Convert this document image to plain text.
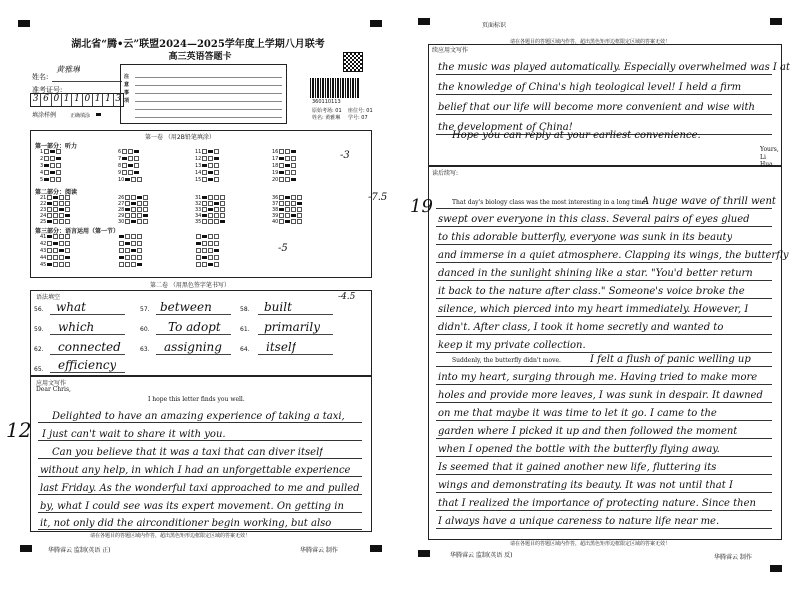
湖北省“腾•云”联盟2024—2025学年度上学期八月联考
高三英语答题卡
姓名:
黄雅琳
准考证号:
3 6 0 1 1 0 1 1 3
填涂样例	正确填涂
注意事项	360110113
原始考场: 01 座位号: 01
姓名: 黄雅琳 学号: 07
第一卷 （用2B铅笔填涂）
第一部分：听力
第二部分：阅读
第三部分：语言运用（第一节）
1
2
3
4
5
6
7
8
9
10
11
12
13
14
15
16
17
18
19
20
21
22
23
24
25
26
27
28
29
30
31
32
33
34
35
36
37
38
39
40
41
42
43
44
45
-3
-7.5
-5
第二卷 （用黑色签字笔书写）
语法填空	-4.5
56. what	57. between	58. built
59. which	60. To adopt	61. primarily
62. connected	63. assigning	64. itself
65. efficiency
应用文写作
Dear Chris,
I hope this letter finds you well.
12
Delighted to have an amazing experience of taking a taxi,
I just can't wait to share it with you.
Can you believe that it was a taxi that can diver itself
without any help, in which I had an unforgettable experience
last Friday. As the wonderful taxi approached to me and pulled
by, what I could see was its expert movement. On getting in
it, not only did the airconditioner begin working, but also
请在各题目的答题区域内作答，超出黑色矩形边框限定区域的答案无效！
华腾睿云 监制(英语 正)	华腾睿云 制作
页面标识
请在各题目的答题区域内作答，超出黑色矩形边框限定区域的答案无效！
续应用文写作
the music was played automatically. Especially overwhelmed was I at
the knowledge of China's high teological level! I held a firm
belief that our life will become more convenient and wise with
the development of China!
Hope you can reply at your earliest convenience.
Yours,
Li Hua
读后续写:
19	That day's biology class was the most interesting in a long time.
A huge wave of thrill went
swept over everyone in this class. Several pairs of eyes glued
to this adorable butterfly, everyone was sunk in its beauty
and immerse in a quiet atmosphere. Clapping its wings, the butterfly
danced in the sunlight shining like a star. "You'd better return
it back to the nature after class." Someone's voice broke the
silence, which pierced into my heart immediately. However, I
didn't. After class, I took it home secretly and wanted to
keep it my private collection.
Suddenly, the butterfly didn't move.	I felt a flush of panic welling up
into my heart, surging through me. Having tried to make more
holes and provide more leaves, I was sunk in despair. It dawned
on me that maybe it was time to let it go. I came to the
garden where I picked it up and then followed the moment
when I opened the bottle with the butterfly flying away.
Is seemed that it gained another new life, fluttering its
wings and demonstrating its beauty. It was not until that I
that I realized the importance of protecting nature. Since then
I always have a unique careness to nature life near me.
请在各题目的答题区域内作答，超出黑色矩形边框限定区域的答案无效！
华腾睿云 监制(英语 反)	华腾睿云 制作
